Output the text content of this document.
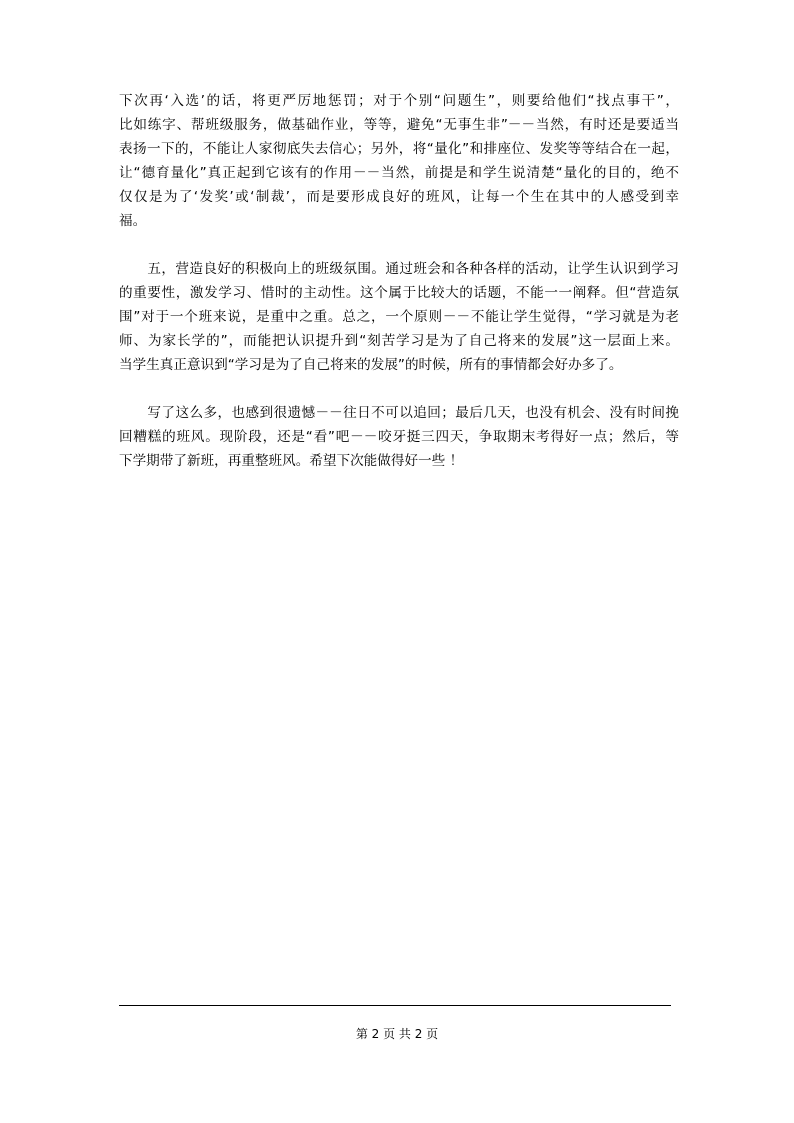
下次再‘入选’的话，将更严厉地惩罚；对于个别“问题生”，则要给他们“找点事干”，
比如练字、帮班级服务，做基础作业，等等，避免“无事生非”－－当然，有时还是要适当
表扬一下的，不能让人家彻底失去信心；另外，将“量化”和排座位、发奖等等结合在一起，
让“德育量化”真正起到它该有的作用－－当然，前提是和学生说清楚“量化的目的，绝不
仅仅是为了‘发奖’或‘制裁’，而是要形成良好的班风，让每一个生在其中的人感受到幸
福。
五，营造良好的积极向上的班级氛围。通过班会和各种各样的活动，让学生认识到学习
的重要性，激发学习、惜时的主动性。这个属于比较大的话题，不能一一阐释。但“营造氛
围”对于一个班来说，是重中之重。总之，一个原则－－不能让学生觉得，“学习就是为老
师、为家长学的”，而能把认识提升到“刻苦学习是为了自己将来的发展”这一层面上来。
当学生真正意识到“学习是为了自己将来的发展”的时候，所有的事情都会好办多了。
写了这么多，也感到很遗憾－－往日不可以追回；最后几天，也没有机会、没有时间挽
回糟糕的班风。现阶段，还是“看”吧－－咬牙挺三四天，争取期末考得好一点；然后，等
下学期带了新班，再重整班风。希望下次能做得好一些 ！
第 2 页 共 2 页
